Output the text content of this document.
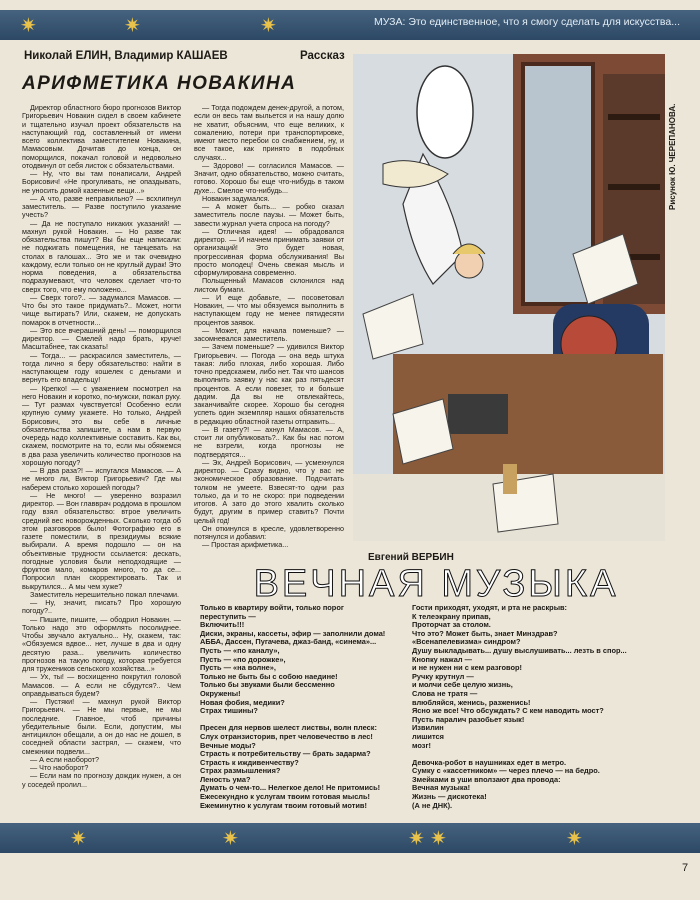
✷	✷	✷	МУЗА: Это единственное, что я смогу сделать для искусства...
Николай ЕЛИН, Владимир КАШАЕВ	Рассказ
АРИФМЕТИКА НОВАКИНА

Директор областного бюро прогнозов Виктор Григорьевич Новакин сидел в своем кабинете и тщательно изучал проект обязательств на наступающий год, составленный от имени всего коллектива заместителем Новакина, Мамасовым. Дочитав до конца, он поморщился, покачал головой и недовольно отодвинул от себя листок с обязательствами.

— Ну, что вы там понаписали, Андрей Борисович! «Не прогуливать, не опаздывать, не уносить домой казенные вещи...»

— А что, разве неправильно? — всхлипнул заместитель. — Разве поступило указание учесть?

— Да не поступало никаких указаний! — махнул рукой Новакин. — Но разве так обязательства пишут? Вы бы еще написали: не поджигать помещения, не танцевать на столах в галошах... Это же и так очевидно каждому, если только он не круглый дурак! Это норма поведения, а обязательства подразумевают, что человек сделает что-то сверх того, что ему положено...

— Сверх того?.. — задумался Мамасов. — Что бы это такое придумать?.. Может, ногти чище вытирать? Или, скажем, не допускать помарок в отчетности...

— Это все вчерашний день! — поморщился директор. — Смелей надо брать, круче! Масштабнее, так сказать!

— Тогда... — раскрасился заместитель, — тогда лично я беру обязательство: найти в наступающем году кошелек с деньгами и вернуть его владельцу!

— Крепко! — с уважением посмотрел на него Новакин и коротко, по-мужски, пожал руку. — Тут размах чувствуется! Особенно если крупную сумму укажете. Но только, Андрей Борисович, это вы себе в личные обязательства запишите, а нам в первую очередь надо коллективные составить. Как вы, скажем, посмотрите на то, если мы обяжемся в два раза увеличить количество прогнозов на хорошую погоду?

— В два раза?! — испугался Мамасов. — А не много ли, Виктор Григорьевич? Где мы наберем столько хорошей погоды?

— Не много! — уверенно возразил директор. — Вон главврач роддома в прошлом году взял обязательство: втрое увеличить средний вес новорожденных. Сколько тогда об этом разговоров было! Фотографию его в газете поместили, в президиумы всякие выбирали. А время подошло — он на объективные трудности ссылается: дескать, погодные условия были неподходящие — фруктов мало, комаров много, то да се... Попросил план скорректировать. Так и выкрутился... А мы чем хуже?

Заместитель нерешительно пожал плечами.

— Ну, значит, писать? Про хорошую погоду?..

— Пишите, пишите, — ободрил Новакин. — Только надо это оформлять посолиднее. Чтобы звучало актуально... Ну, скажем, так: «Обязуемся вдвое... нет, лучше в два и одну десятую раза... увеличить количество прогнозов на такую погоду, которая требуется для тружеников сельского хозяйства...»

— Ух, ты! — восхищенно покрутил головой Мамасов. — А если не сбудутся?.. Чем оправдываться будем?

— Пустяки! — махнул рукой Виктор Григорьевич. — Не мы первые, не мы последние. Главное, чтоб причины убедительные были. Если, допустим, мы антициклон обещали, а он до нас не дошел, в соседней области застрял, — скажем, что смежники подвели...

— А если наоборот?

— Что наоборот?

— Если нам по прогнозу дождик нужен, а он у соседей пролил...

— Тогда подождем денек-другой, а потом, если он весь там выльется и на нашу долю не хватит, объясним, что еще великих, к сожалению, потери при транспортировке, имеют место перебои со снабжением, ну, и все такое, как принято в подобных случаях...

— Здорово! — согласился Мамасов. — Значит, одно обязательство, можно считать, готово. Хорошо бы еще что-нибудь в таком духе... Смелое что-нибудь...

Новакин задумался.

— А может быть... — робко сказал заместитель после паузы. — Может быть, завести журнал учета спроса на погоду?

— Отличная идея! — обрадовался директор. — И начнем принимать заявки от организаций! Это будет новая, прогрессивная форма обслуживания! Вы просто молодец! Очень свежая мысль и сформулирована современно.

Польщенный Мамасов склонился над листом бумаги.

— И еще добавьте, — посоветовал Новакин, — что мы обязуемся выполнить в наступающем году не менее пятидесяти процентов заявок.

— Может, для начала поменьше? — засомневался заместитель.

— Зачем поменьше? — удивился Виктор Григорьевич. — Погода — она ведь штука такая: либо плохая, либо хорошая. Либо точно предскажем, либо нет. Так что шансов выполнить заявку у нас как раз пятьдесят процентов. А если повезет, то и больше дадим. Да вы не отвлекайтесь, заканчивайте скорее. Хорошо бы сегодня успеть один экземпляр наших обязательств в редакцию областной газеты отправить...

— В газету?! — ахнул Мамасов. — А, стоит ли опубликовать?.. Как бы нас потом не взгрели, когда прогнозы не подтвердятся...

— Эх, Андрей Борисович, — усмехнулся директор. — Сразу видно, что у вас не экономическое образование. Подсчитать толком не умеете. Взвесят-то одни раз только, да и то не скоро: при подведении итогов. А зато до этого хвалить сколько будут, другим в пример ставить? Почти целый год!

Он откинулся в кресле, удовлетворенно потянулся и добавил:

— Простая арифметика...

Рисунок Ю. ЧЕРЕПАНОВА.
Евгений ВЕРБИН
ВЕЧНАЯ МУЗЫКА
Только в квартиру войти, только порог
переступить —
Включить!!!
Диски, экраны, кассеты, эфир — заполнили дома!
АББА, Дассен, Пугачева, джаз-банд, «синема»...
Пусть — «по каналу»,
Пусть — «по дорожке»,
Пусть — «на волне»,
Только не быть бы с собою наедине!
Только бы звуками были бессменно
Окружены!
Новая фобия, медики?
Страх тишины?

Пресен для нервов шелест листвы, волн плеск:
Слух отранзисторив, прет человечество в лес!
Вечные моды?
Страсть к потребительству — брать задарма?
Страсть к иждивенчеству?
Страх размышления?
Леность ума?
Думать о чем-то... Нелегкое дело! Не притомись!
Ежесекундно к услугам твоим готовая мысль!
Ежеминутно к услугам твоим готовый мотив!
Гости приходят, уходят, и рта не раскрыв:
К телеэкрану припав,
Проторчат за столом.
Что это? Может быть, знает Минздрав?
«Всенапелевизма» синдром?
Душу выкладывать... душу выслушивать... лезть в спор...
Кнопку нажал —
и не нужен ни с кем разговор!
Ручку крутнул —
и молчи себе целую жизнь,
Слова не тратя —
влюбляйся, женись, разженись!
Ясно же все! Что обсуждать? С кем наводить мост?
Пусть паралич разобьет язык!
Извилин
лишится
мозг!

Девочка-робот в наушниках едет в метро.
Сумку с «кассетником» — через плечо — на бедро.
Змейками в уши вползают два провода:
Вечная музыка!
Жизнь — дискотека!
(А не ДНК).
✷	✷	✷ ✷	✷
7
